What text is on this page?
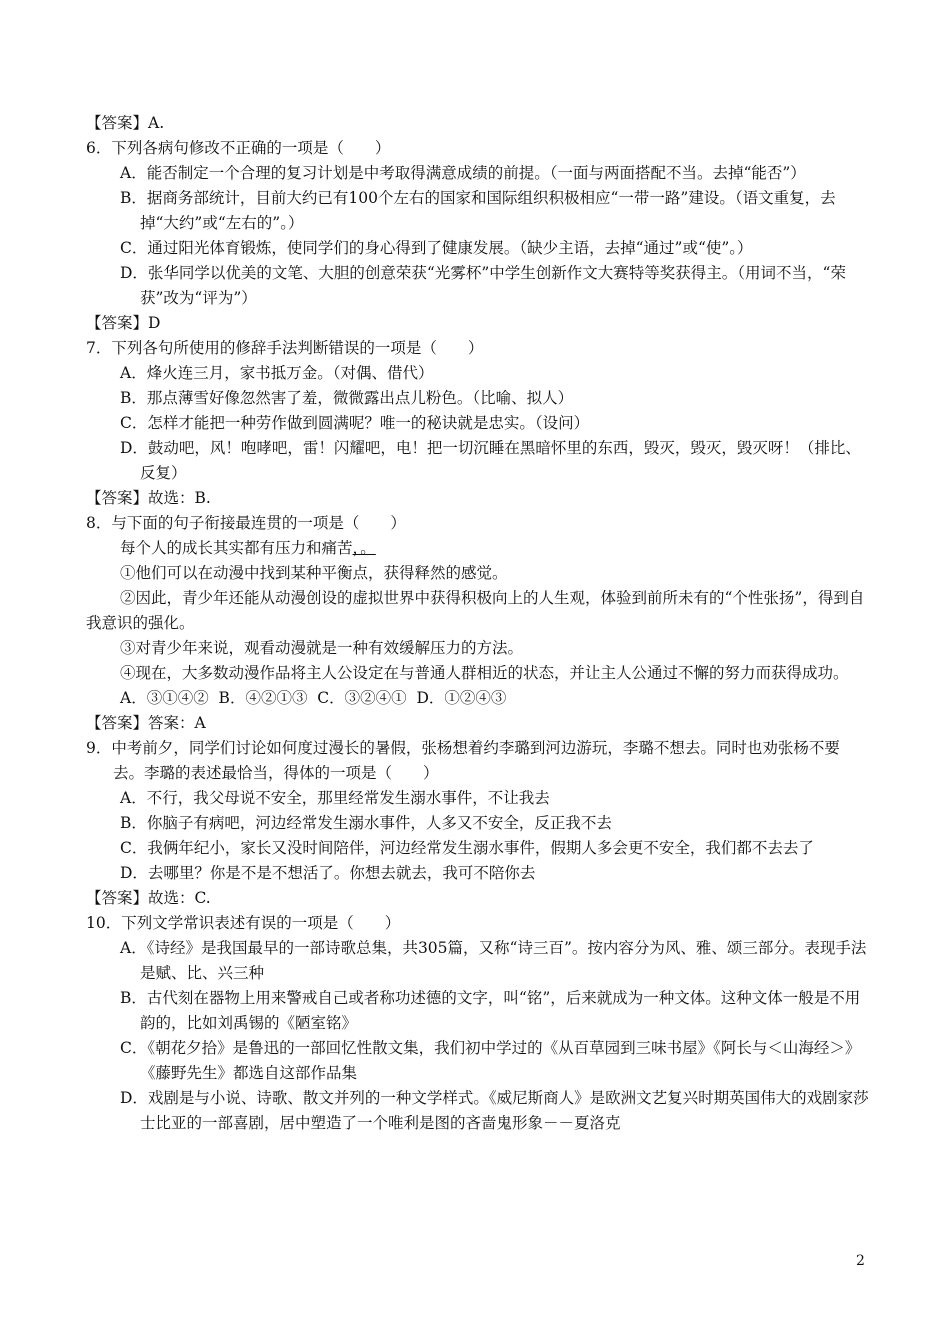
【答案】A.
6．下列各病句修改不正确的一项是（　　）
A．能否制定一个合理的复习计划是中考取得满意成绩的前提。（一面与两面搭配不当。去掉“能否”）
B．据商务部统计，目前大约已有100个左右的国家和国际组织积极相应“一带一路”建设。（语文重复，去掉“大约”或“左右的”。）
C．通过阳光体育锻炼，使同学们的身心得到了健康发展。（缺少主语，去掉“通过”或“使”。）
D．张华同学以优美的文笔、大胆的创意荣获“光雾杯”中学生创新作文大赛特等奖获得主。（用词不当，“荣获”改为“评为”）
【答案】D
7．下列各句所使用的修辞手法判断错误的一项是（　　）
A．烽火连三月，家书抵万金。（对偶、借代）
B．那点薄雪好像忽然害了羞，微微露出点儿粉色。（比喻、拟人）
C．怎样才能把一种劳作做到圆满呢？唯一的秘诀就是忠实。（设问）
D．鼓动吧，风！咆哮吧，雷！闪耀吧，电！把一切沉睡在黑暗怀里的东西，毁灭，毁灭，毁灭呀！（排比、反复）
【答案】故选：B.
8．与下面的句子衔接最连贯的一项是（　　）
每个人的成长其实都有压力和痛苦，。
①他们可以在动漫中找到某种平衡点，获得释然的感觉。
②因此，青少年还能从动漫创设的虚拟世界中获得积极向上的人生观，体验到前所未有的“个性张扬”，得到自我意识的强化。
③对青少年来说，观看动漫就是一种有效缓解压力的方法。
④现在，大多数动漫作品将主人公设定在与普通人群相近的状态，并让主人公通过不懈的努力而获得成功。
A．③①④②  B．④②①③  C．③②④①  D．①②④③
【答案】答案：A
9．中考前夕，同学们讨论如何度过漫长的暑假，张杨想着约李璐到河边游玩，李璐不想去。同时也劝张杨不要去。李璐的表述最恰当，得体的一项是（　　）
A．不行，我父母说不安全，那里经常发生溺水事件，不让我去
B．你脑子有病吧，河边经常发生溺水事件，人多又不安全，反正我不去
C．我俩年纪小，家长又没时间陪伴，河边经常发生溺水事件，假期人多会更不安全，我们都不去去了
D．去哪里？你是不是不想活了。你想去就去，我可不陪你去
【答案】故选：C.
10．下列文学常识表述有误的一项是（　　）
A．《诗经》是我国最早的一部诗歌总集，共305篇，又称“诗三百”。按内容分为风、雅、颂三部分。表现手法是赋、比、兴三种
B．古代刻在器物上用来警戒自己或者称功述德的文字，叫“铭”，后来就成为一种文体。这种文体一般是不用韵的，比如刘禹锡的《陋室铭》
C．《朝花夕拾》是鲁迅的一部回忆性散文集，我们初中学过的《从百草园到三味书屋》《阿长与＜山海经＞》《藤野先生》都选自这部作品集
D．戏剧是与小说、诗歌、散文并列的一种文学样式。《威尼斯商人》是欧洲文艺复兴时期英国伟大的戏剧家莎士比亚的一部喜剧，居中塑造了一个唯利是图的吝啬鬼形象－－夏洛克
2
